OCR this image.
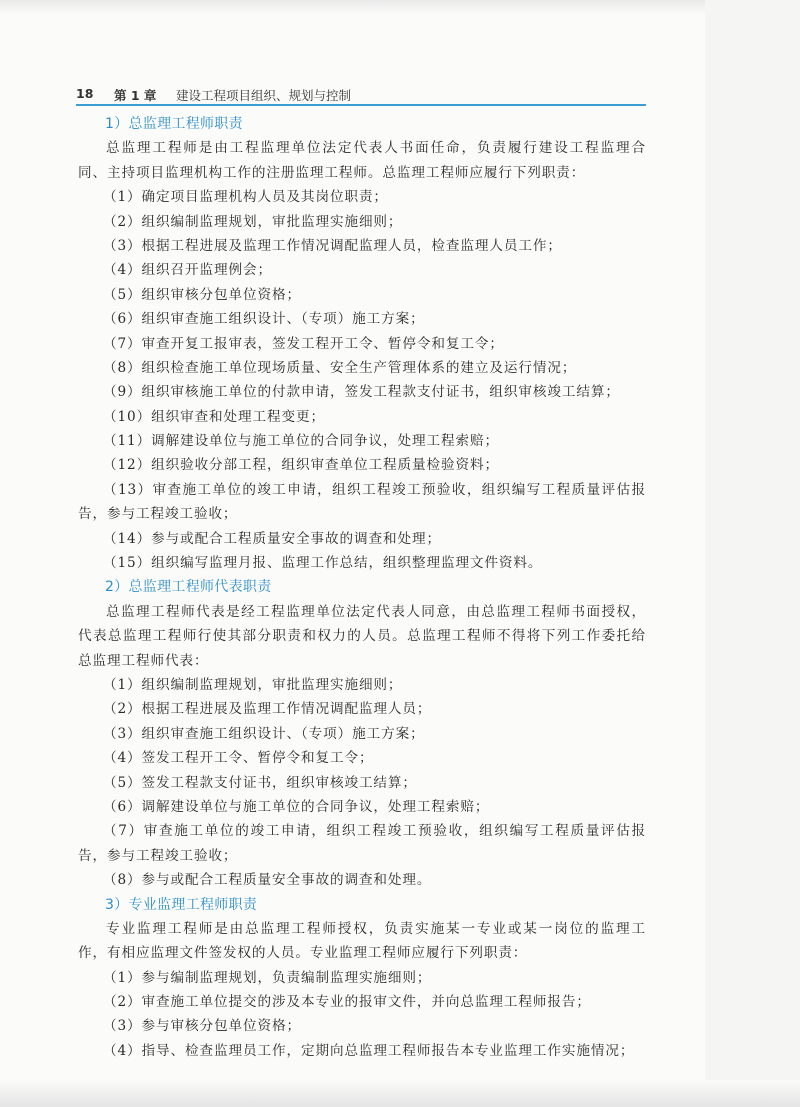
18 第 1 章 建设工程项目组织、规划与控制
1）总监理工程师职责
总监理工程师是由工程监理单位法定代表人书面任命，负责履行建设工程监理合
同、主持项目监理机构工作的注册监理工程师。总监理工程师应履行下列职责：
（1）确定项目监理机构人员及其岗位职责；
（2）组织编制监理规划，审批监理实施细则；
（3）根据工程进展及监理工作情况调配监理人员，检查监理人员工作；
（4）组织召开监理例会；
（5）组织审核分包单位资格；
（6）组织审查施工组织设计、（专项）施工方案；
（7）审查开复工报审表，签发工程开工令、暂停令和复工令；
（8）组织检查施工单位现场质量、安全生产管理体系的建立及运行情况；
（9）组织审核施工单位的付款申请，签发工程款支付证书，组织审核竣工结算；
（10）组织审查和处理工程变更；
（11）调解建设单位与施工单位的合同争议，处理工程索赔；
（12）组织验收分部工程，组织审查单位工程质量检验资料；
（13）审查施工单位的竣工申请，组织工程竣工预验收，组织编写工程质量评估报
告，参与工程竣工验收；
（14）参与或配合工程质量安全事故的调查和处理；
（15）组织编写监理月报、监理工作总结，组织整理监理文件资料。
2）总监理工程师代表职责
总监理工程师代表是经工程监理单位法定代表人同意，由总监理工程师书面授权，
代表总监理工程师行使其部分职责和权力的人员。总监理工程师不得将下列工作委托给
总监理工程师代表：
（1）组织编制监理规划，审批监理实施细则；
（2）根据工程进展及监理工作情况调配监理人员；
（3）组织审查施工组织设计、（专项）施工方案；
（4）签发工程开工令、暂停令和复工令；
（5）签发工程款支付证书，组织审核竣工结算；
（6）调解建设单位与施工单位的合同争议，处理工程索赔；
（7）审查施工单位的竣工申请，组织工程竣工预验收，组织编写工程质量评估报
告，参与工程竣工验收；
（8）参与或配合工程质量安全事故的调查和处理。
3）专业监理工程师职责
专业监理工程师是由总监理工程师授权，负责实施某一专业或某一岗位的监理工
作，有相应监理文件签发权的人员。专业监理工程师应履行下列职责：
（1）参与编制监理规划，负责编制监理实施细则；
（2）审查施工单位提交的涉及本专业的报审文件，并向总监理工程师报告；
（3）参与审核分包单位资格；
（4）指导、检查监理员工作，定期向总监理工程师报告本专业监理工作实施情况；
